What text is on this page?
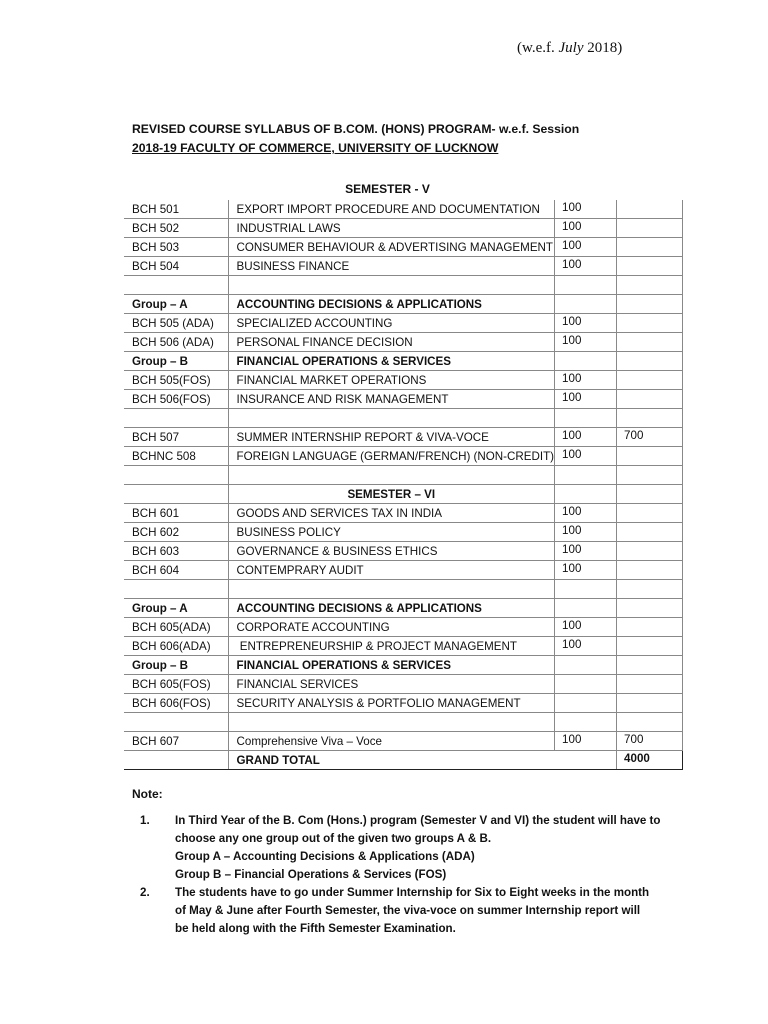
(w.e.f. July 2018)
REVISED COURSE SYLLABUS OF B.COM. (HONS) PROGRAM- w.e.f. Session
2018-19 FACULTY OF COMMERCE, UNIVERSITY OF LUCKNOW
SEMESTER - V
BCH 501	EXPORT IMPORT PROCEDURE AND DOCUMENTATION	100	
BCH 502	INDUSTRIAL LAWS	100	
BCH 503	CONSUMER BEHAVIOUR & ADVERTISING MANAGEMENT	100	
BCH 504	BUSINESS FINANCE	100	

Group – A	ACCOUNTING DECISIONS & APPLICATIONS		
BCH 505 (ADA)	SPECIALIZED ACCOUNTING	100	
BCH 506 (ADA)	PERSONAL FINANCE DECISION	100	
Group – B	FINANCIAL OPERATIONS & SERVICES		
BCH 505(FOS)	FINANCIAL MARKET OPERATIONS	100	
BCH 506(FOS)	INSURANCE AND RISK MANAGEMENT	100	

BCH 507	SUMMER INTERNSHIP REPORT & VIVA-VOCE	100	700
BCHNC 508	FOREIGN LANGUAGE (GERMAN/FRENCH) (NON-CREDIT)	100	

	SEMESTER – VI		
BCH 601	GOODS AND SERVICES TAX IN INDIA	100	
BCH 602	BUSINESS POLICY	100	
BCH 603	GOVERNANCE & BUSINESS ETHICS	100	
BCH 604	CONTEMPRARY AUDIT	100	

Group – A	ACCOUNTING DECISIONS & APPLICATIONS		
BCH 605(ADA)	CORPORATE ACCOUNTING	100	
BCH 606(ADA)	ENTREPRENEURSHIP & PROJECT MANAGEMENT	100	
Group – B	FINANCIAL OPERATIONS & SERVICES		
BCH 605(FOS)	FINANCIAL SERVICES		
BCH 606(FOS)	SECURITY ANALYSIS & PORTFOLIO MANAGEMENT		

BCH 607	Comprehensive Viva – Voce	100	700
	GRAND TOTAL		4000
Note:
1. In Third Year of the B. Com (Hons.) program (Semester V and VI) the student will have to
choose any one group out of the given two groups A & B.
Group A – Accounting Decisions & Applications (ADA)
Group B – Financial Operations & Services (FOS)
2. The students have to go under Summer Internship for Six to Eight weeks in the month
of May & June after Fourth Semester, the viva-voce on summer Internship report will
be held along with the Fifth Semester Examination.
